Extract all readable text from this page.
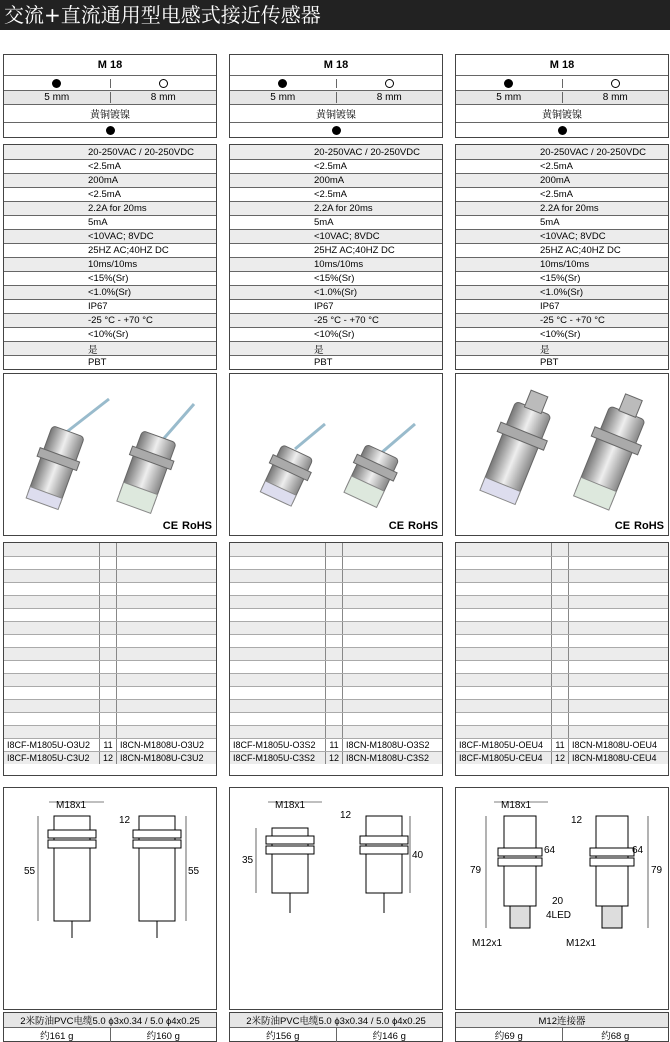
交流+直流通用型电感式接近传感器
M 18
5 mm	8 mm
黄铜镀镍
20-250VAC / 20-250VDC
<2.5mA
200mA
<2.5mA
2.2A for 20ms
5mA
<10VAC; 8VDC
25HZ AC;40HZ DC
10ms/10ms
<15%(Sr)
<1.0%(Sr)
IP67
-25 °C - +70 °C
<10%(Sr)
是
PBT
CE RoHS
I8CF-M1805U-O3U2	11 I8CN-M1808U-O3U2
I8CF-M1805U-C3U2	12 I8CN-M1808U-C3U2
M18x1
55
12
55
2米防油PVC电缆5.0 ϕ3x0.34 / 5.0 ϕ4x0.25
约161 g	约160 g
M 18
5 mm	8 mm
黄铜镀镍
20-250VAC / 20-250VDC
<2.5mA
200mA
<2.5mA
2.2A for 20ms
5mA
<10VAC; 8VDC
25HZ AC;40HZ DC
10ms/10ms
<15%(Sr)
<1.0%(Sr)
IP67
-25 °C - +70 °C
<10%(Sr)
是
PBT
CE RoHS
I8CF-M1805U-O3S2	11 I8CN-M1808U-O3S2
I8CF-M1805U-C3S2	12 I8CN-M1808U-C3S2
M18x1
35
12
40
2米防油PVC电缆5.0 ϕ3x0.34 / 5.0 ϕ4x0.25
约156 g	约146 g
M 18
5 mm	8 mm
黄铜镀镍
20-250VAC / 20-250VDC
<2.5mA
200mA
<2.5mA
2.2A for 20ms
5mA
<10VAC; 8VDC
25HZ AC;40HZ DC
10ms/10ms
<15%(Sr)
<1.0%(Sr)
IP67
-25 °C - +70 °C
<10%(Sr)
是
PBT
CE RoHS
I8CF-M1805U-OEU4	11 I8CN-M1808U-OEU4
I8CF-M1805U-CEU4	12 I8CN-M1808U-CEU4
M18x1
64
79
M12x1
20
4LED
12
64
79
M12x1
M12连接器
约69 g	约68 g
